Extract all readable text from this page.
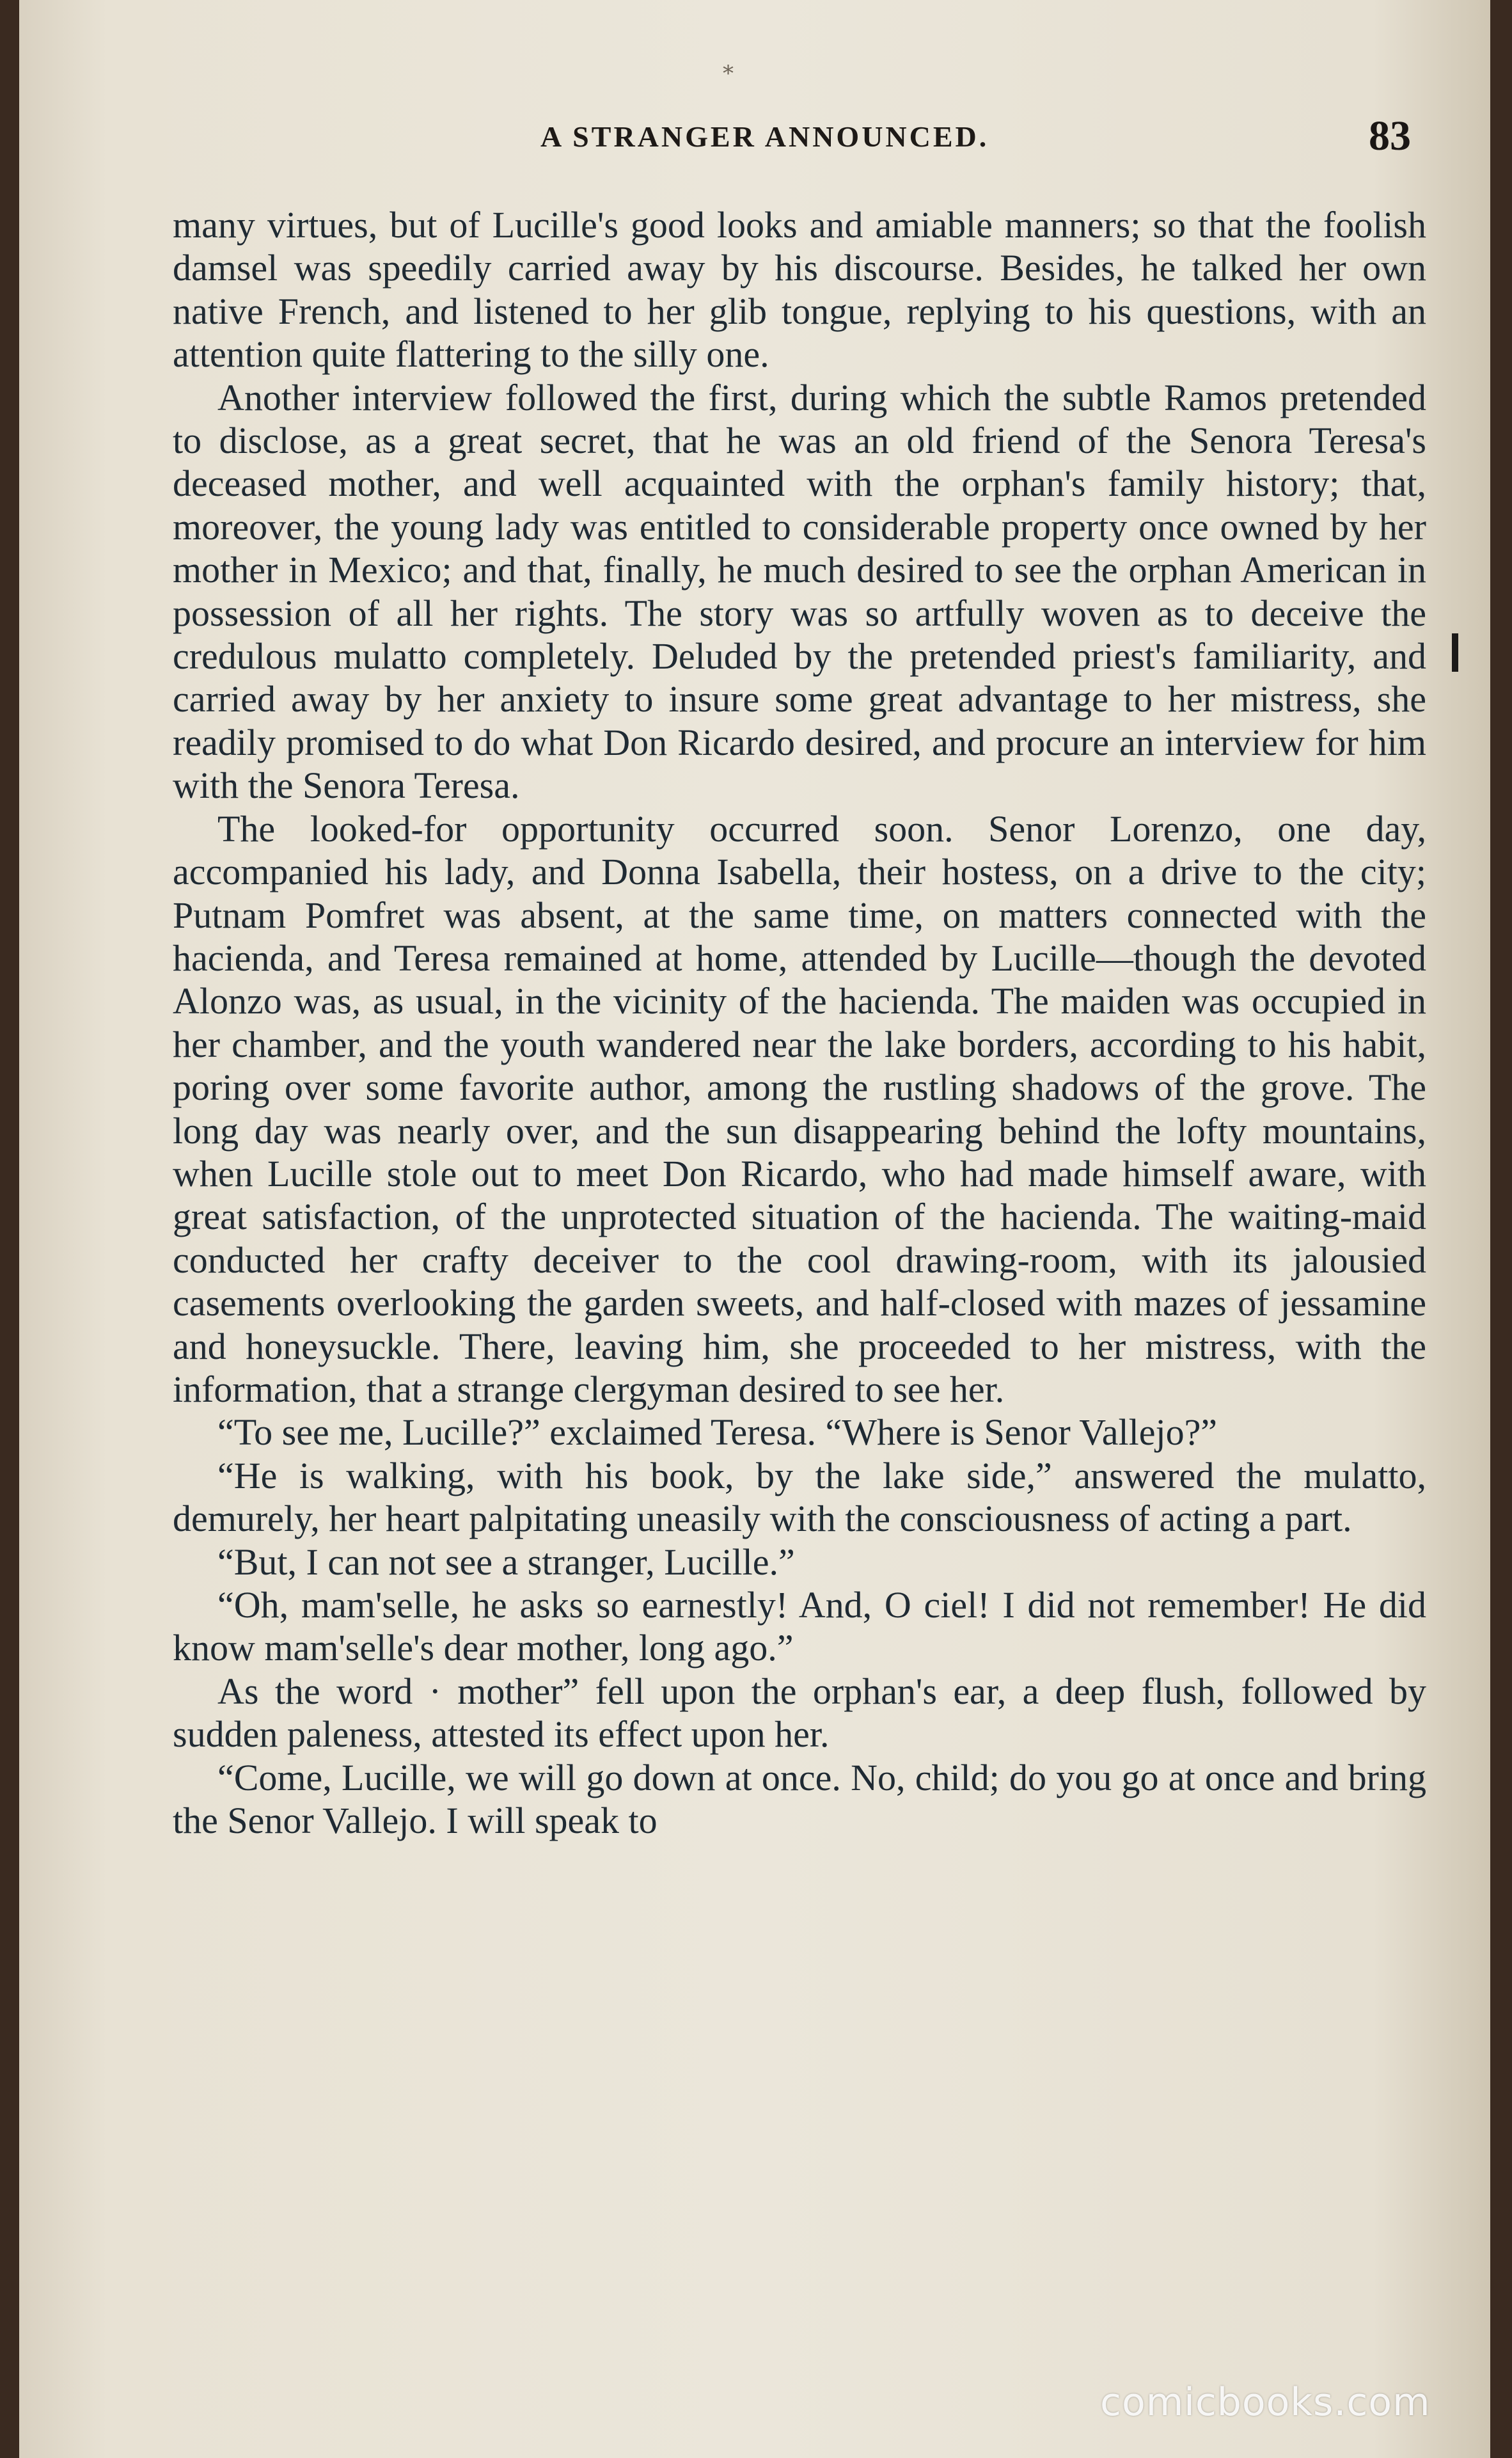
*
A STRANGER ANNOUNCED.	83

many virtues, but of Lucille's good looks and amiable manners; so that the foolish damsel was speedily carried away by his discourse. Besides, he talked her own native French, and listened to her glib tongue, replying to his questions, with an attention quite flattering to the silly one.

Another interview followed the first, during which the subtle Ramos pretended to disclose, as a great secret, that he was an old friend of the Senora Teresa's deceased mother, and well acquainted with the orphan's family history; that, moreover, the young lady was entitled to considerable property once owned by her mother in Mexico; and that, finally, he much desired to see the orphan American in possession of all her rights. The story was so artfully woven as to deceive the credulous mulatto completely. Deluded by the pretended priest's familiarity, and carried away by her anxiety to insure some great advantage to her mistress, she readily promised to do what Don Ricardo desired, and procure an interview for him with the Senora Teresa.

The looked-for opportunity occurred soon. Senor Lorenzo, one day, accompanied his lady, and Donna Isabella, their hostess, on a drive to the city; Putnam Pomfret was absent, at the same time, on matters connected with the hacienda, and Teresa remained at home, attended by Lucille—though the devoted Alonzo was, as usual, in the vicinity of the hacienda. The maiden was occupied in her chamber, and the youth wandered near the lake borders, according to his habit, poring over some favorite author, among the rustling shadows of the grove. The long day was nearly over, and the sun disappearing behind the lofty mountains, when Lucille stole out to meet Don Ricardo, who had made himself aware, with great satisfaction, of the unprotected situation of the hacienda. The waiting-maid conducted her crafty deceiver to the cool drawing-room, with its jalousied casements overlooking the garden sweets, and half-closed with mazes of jessamine and honeysuckle. There, leaving him, she proceeded to her mistress, with the information, that a strange clergyman desired to see her.

“To see me, Lucille?” exclaimed Teresa. “Where is Senor Vallejo?”

“He is walking, with his book, by the lake side,” answered the mulatto, demurely, her heart palpitating uneasily with the consciousness of acting a part.

“But, I can not see a stranger, Lucille.”

“Oh, mam'selle, he asks so earnestly! And, O ciel! I did not remember! He did know mam'selle's dear mother, long ago.”

As the word · mother” fell upon the orphan's ear, a deep flush, followed by sudden paleness, attested its effect upon her.

“Come, Lucille, we will go down at once. No, child; do you go at once and bring the Senor Vallejo. I will speak to

comicbooks.com
